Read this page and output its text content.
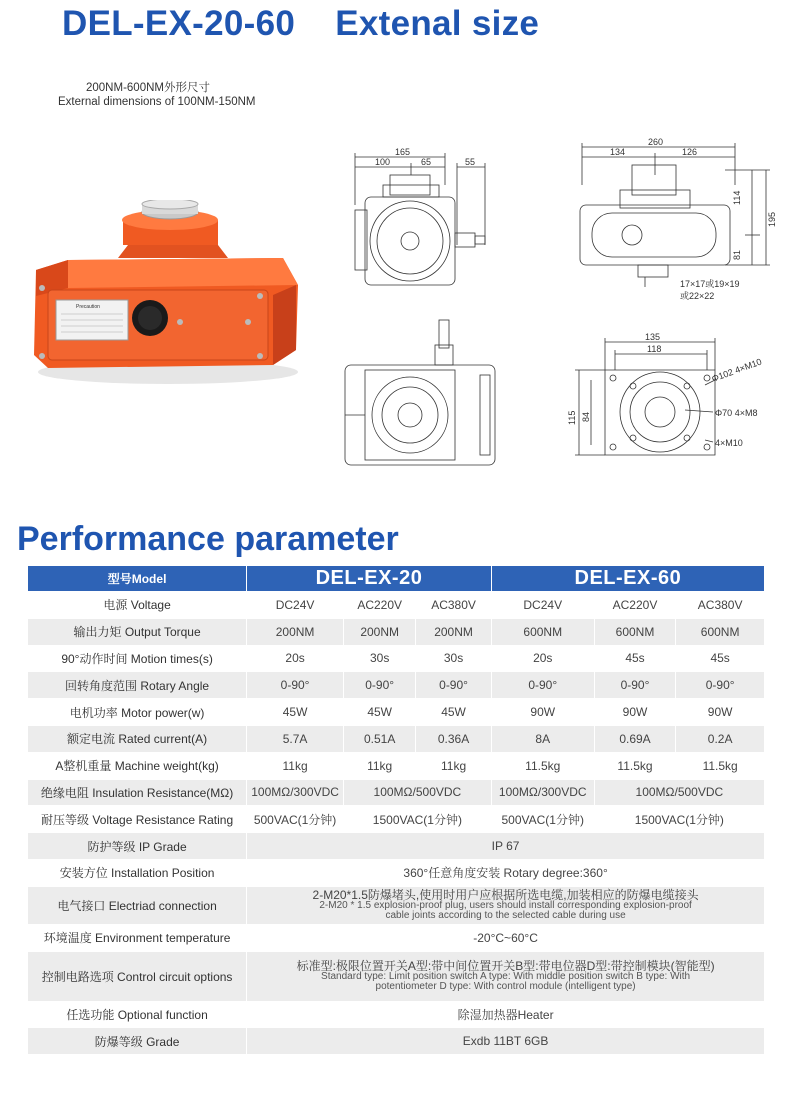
DEL-EX-20-60    Extenal size
200NM-600NM外形尺寸
External dimensions of 100NM-150NM
Precaution
165
100	65	55
260
134	126
114
81
195
17×17或19×19
或22×22
135
118
115 84
Φ102 4×M10
Φ70 4×M8
4×M10
Performance parameter
型号Model	DEL-EX-20			DEL-EX-60		
电源 Voltage	DC24V	AC220V	AC380V	DC24V	AC220V	AC380V
输出力矩 Output Torque	200NM	200NM	200NM	600NM	600NM	600NM
90°动作时间 Motion times(s)	20s	30s	30s	20s	45s	45s
回转角度范围 Rotary Angle	0-90°	0-90°	0-90°	0-90°	0-90°	0-90°
电机功率 Motor power(w)	45W	45W	45W	90W	90W	90W
额定电流 Rated current(A)	5.7A	0.51A	0.36A	8A	0.69A	0.2A
A整机重量 Machine weight(kg)	11kg	11kg	11kg	11.5kg	11.5kg	11.5kg
绝缘电阻 Insulation Resistance(MΩ)	100MΩ/300VDC	100MΩ/500VDC		100MΩ/300VDC	100MΩ/500VDC	
耐压等级 Voltage Resistance Rating	500VAC(1分钟)	1500VAC(1分钟)		500VAC(1分钟)	1500VAC(1分钟)	
防护等级 IP Grade	IP 67					
安装方位 Installation Position	360°任意角度安装 Rotary degree:360°					
电气接口 Electriad connection	2-M20*1.5防爆堵头,使用时用户应根据所选电缆,加装相应的防爆电缆接头
2-M20 * 1.5 explosion-proof plug, users should install corresponding explosion-proof
cable joints according to the selected cable during use					

环境温度 Environment temperature	-20°C~60°C					
控制电路选项 Control circuit options	标准型:极限位置开关A型:带中间位置开关B型:带电位器D型:带控制模块(智能型)
Standard type: Limit position switch A type: With middle position switch B type: With
potentiometer D type: With control module (intelligent type)					

任选功能 Optional function	除湿加热器Heater					
防爆等级 Grade	Exdb 11BT 6GB					
